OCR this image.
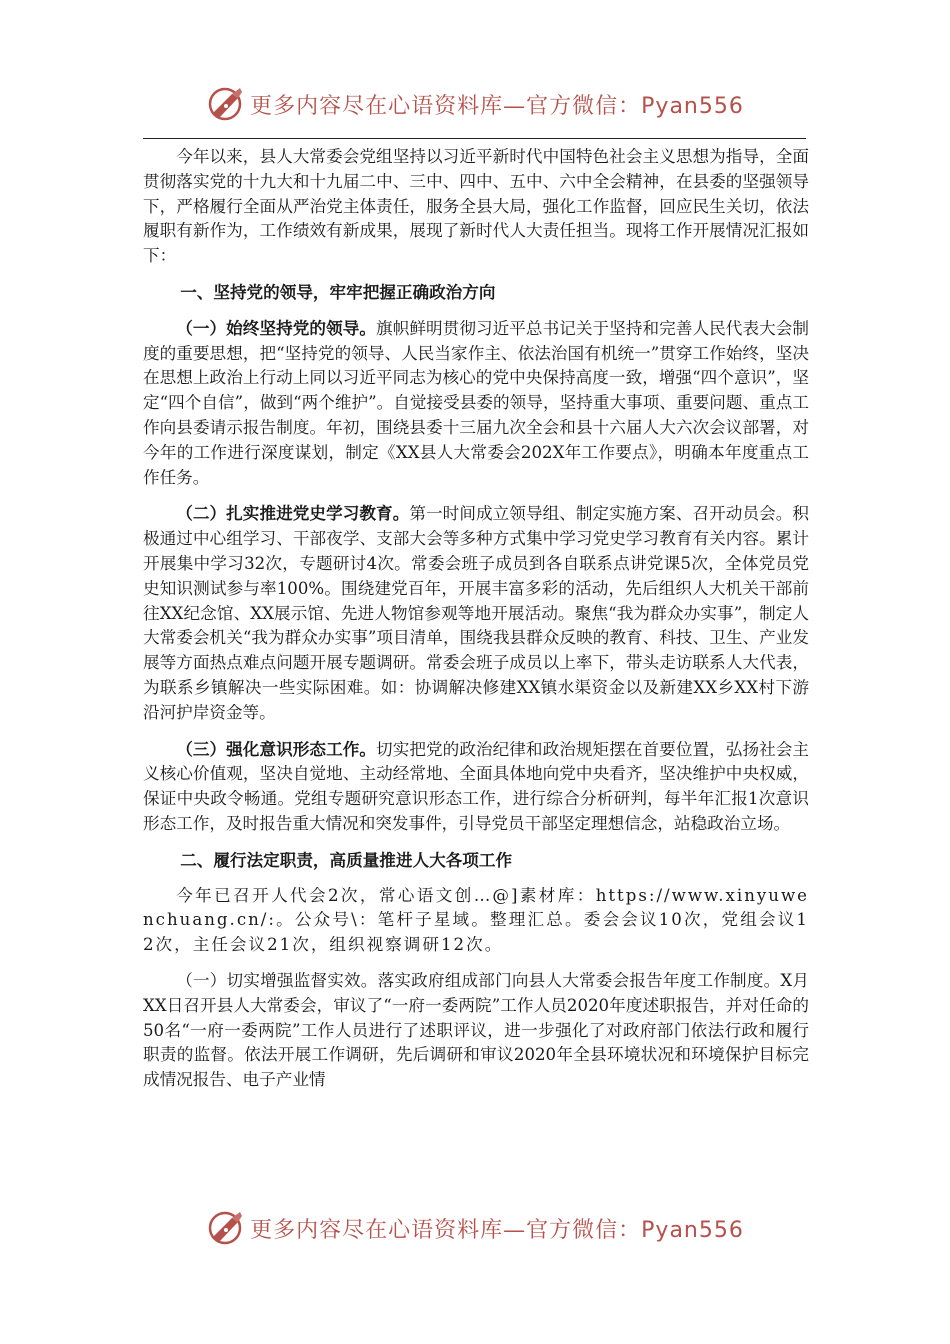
更多内容尽在心语资料库—官方微信：Pyan556

今年以来，县人大常委会党组坚持以习近平新时代中国特色社会主义思想为指导，全面贯彻落实党的十九大和十九届二中、三中、四中、五中、六中全会精神，在县委的坚强领导下，严格履行全面从严治党主体责任，服务全县大局，强化工作监督，回应民生关切，依法履职有新作为，工作绩效有新成果，展现了新时代人大责任担当。现将工作开展情况汇报如下：

一、坚持党的领导，牢牢把握正确政治方向

（一）始终坚持党的领导。旗帜鲜明贯彻习近平总书记关于坚持和完善人民代表大会制度的重要思想，把“坚持党的领导、人民当家作主、依法治国有机统一”贯穿工作始终，坚决在思想上政治上行动上同以习近平同志为核心的党中央保持高度一致，增强“四个意识”，坚定“四个自信”，做到“两个维护”。自觉接受县委的领导，坚持重大事项、重要问题、重点工作向县委请示报告制度。年初，围绕县委十三届九次全会和县十六届人大六次会议部署，对今年的工作进行深度谋划，制定《XX县人大常委会202X年工作要点》，明确本年度重点工作任务。

（二）扎实推进党史学习教育。第一时间成立领导组、制定实施方案、召开动员会。积极通过中心组学习、干部夜学、支部大会等多种方式集中学习党史学习教育有关内容。累计开展集中学习32次，专题研讨4次。常委会班子成员到各自联系点讲党课5次，全体党员党史知识测试参与率100%。围绕建党百年，开展丰富多彩的活动，先后组织人大机关干部前往XX纪念馆、XX展示馆、先进人物馆参观等地开展活动。聚焦“我为群众办实事”，制定人大常委会机关“我为群众办实事”项目清单，围绕我县群众反映的教育、科技、卫生、产业发展等方面热点难点问题开展专题调研。常委会班子成员以上率下，带头走访联系人大代表，为联系乡镇解决一些实际困难。如：协调解决修建XX镇水渠资金以及新建XX乡XX村下游沿河护岸资金等。

（三）强化意识形态工作。切实把党的政治纪律和政治规矩摆在首要位置，弘扬社会主义核心价值观，坚决自觉地、主动经常地、全面具体地向党中央看齐，坚决维护中央权威，保证中央政令畅通。党组专题研究意识形态工作，进行综合分析研判，每半年汇报1次意识形态工作，及时报告重大情况和突发事件，引导党员干部坚定理想信念，站稳政治立场。

二、履行法定职责，高质量推进人大各项工作

今年已召开人代会2次，常心语文创…@]素材库：https://www.xinyuwenchuang.cn/:。公众号\：笔杆子星域。整理汇总。委会会议10次，党组会议12次，主任会议21次，组织视察调研12次。

（一）切实增强监督实效。落实政府组成部门向县人大常委会报告年度工作制度。X月XX日召开县人大常委会，审议了“一府一委两院”工作人员2020年度述职报告，并对任命的50名“一府一委两院”工作人员进行了述职评议，进一步强化了对政府部门依法行政和履行职责的监督。依法开展工作调研，先后调研和审议2020年全县环境状况和环境保护目标完成情况报告、电子产业情

更多内容尽在心语资料库—官方微信：Pyan556
